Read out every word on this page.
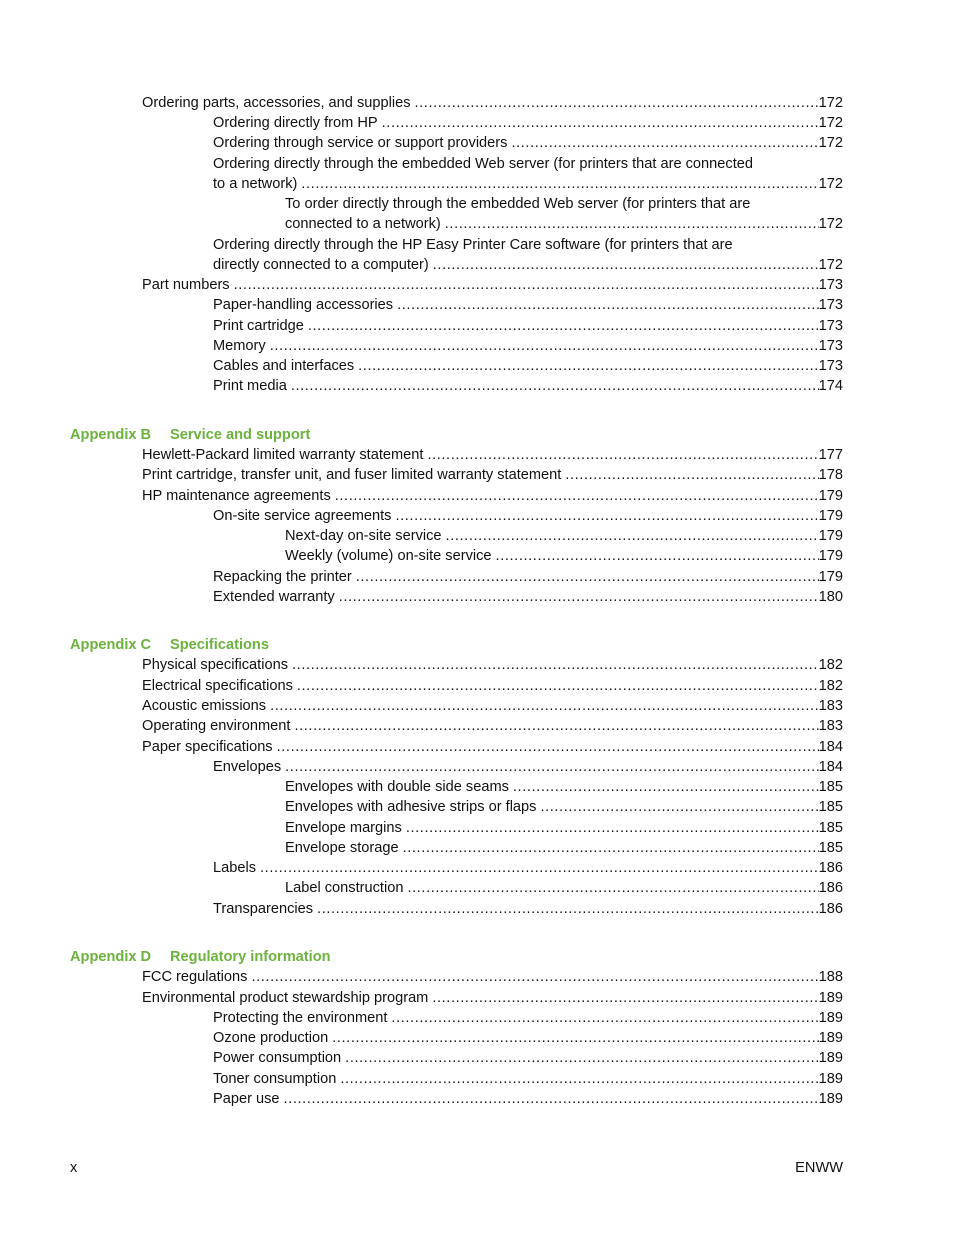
Ordering parts, accessories, and supplies .....	172
Ordering directly from HP .....	172
Ordering through service or support providers .....	172
Ordering directly through the embedded Web server (for printers that are connected
to a network) .....	172
To order directly through the embedded Web server (for printers that are
connected to a network) .....	172
Ordering directly through the HP Easy Printer Care software (for printers that are
directly connected to a computer) .....	172
Part numbers .....	173
Paper-handling accessories .....	173
Print cartridge .....	173
Memory .....	173
Cables and interfaces .....	173
Print media .....	174
Appendix B Service and support
Hewlett-Packard limited warranty statement .....	177
Print cartridge, transfer unit, and fuser limited warranty statement .....	178
HP maintenance agreements .....	179
On-site service agreements .....	179
Next-day on-site service .....	179
Weekly (volume) on-site service .....	179
Repacking the printer .....	179
Extended warranty .....	180
Appendix C Specifications
Physical specifications .....	182
Electrical specifications .....	182
Acoustic emissions .....	183
Operating environment .....	183
Paper specifications .....	184
Envelopes .....	184
Envelopes with double side seams .....	185
Envelopes with adhesive strips or flaps .....	185
Envelope margins .....	185
Envelope storage .....	185
Labels .....	186
Label construction .....	186
Transparencies .....	186
Appendix D Regulatory information
FCC regulations .....	188
Environmental product stewardship program .....	189
Protecting the environment .....	189
Ozone production .....	189
Power consumption .....	189
Toner consumption .....	189
Paper use .....	189
x	ENWW
